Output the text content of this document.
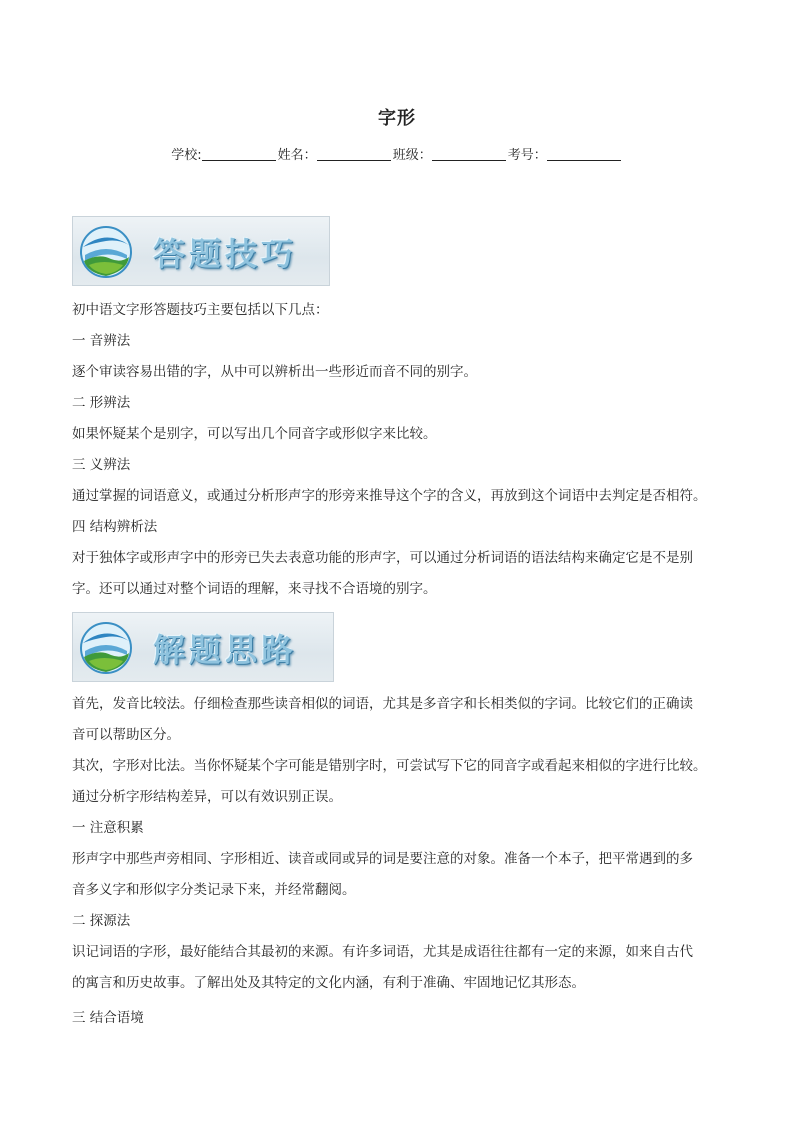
字形
学校:	姓名：	班级：	考号：
答题技巧
初中语文字形答题技巧主要包括以下几点：
一 音辨法
逐个审读容易出错的字，从中可以辨析出一些形近而音不同的别字。
二 形辨法
如果怀疑某个是别字，可以写出几个同音字或形似字来比较。
三 义辨法
通过掌握的词语意义，或通过分析形声字的形旁来推导这个字的含义，再放到这个词语中去判定是否相符。
四 结构辨析法
对于独体字或形声字中的形旁已失去表意功能的形声字，可以通过分析词语的语法结构来确定它是不是别
字。还可以通过对整个词语的理解，来寻找不合语境的别字。
解题思路
首先，发音比较法。仔细检查那些读音相似的词语，尤其是多音字和长相类似的字词。比较它们的正确读
音可以帮助区分。
其次，字形对比法。当你怀疑某个字可能是错别字时，可尝试写下它的同音字或看起来相似的字进行比较。
通过分析字形结构差异，可以有效识别正误。
一 注意积累
形声字中那些声旁相同、字形相近、读音或同或异的词是要注意的对象。准备一个本子，把平常遇到的多
音多义字和形似字分类记录下来，并经常翻阅。
二 探源法
识记词语的字形，最好能结合其最初的来源。有许多词语，尤其是成语往往都有一定的来源，如来自古代
的寓言和历史故事。了解出处及其特定的文化内涵，有利于准确、牢固地记忆其形态。
三 结合语境
